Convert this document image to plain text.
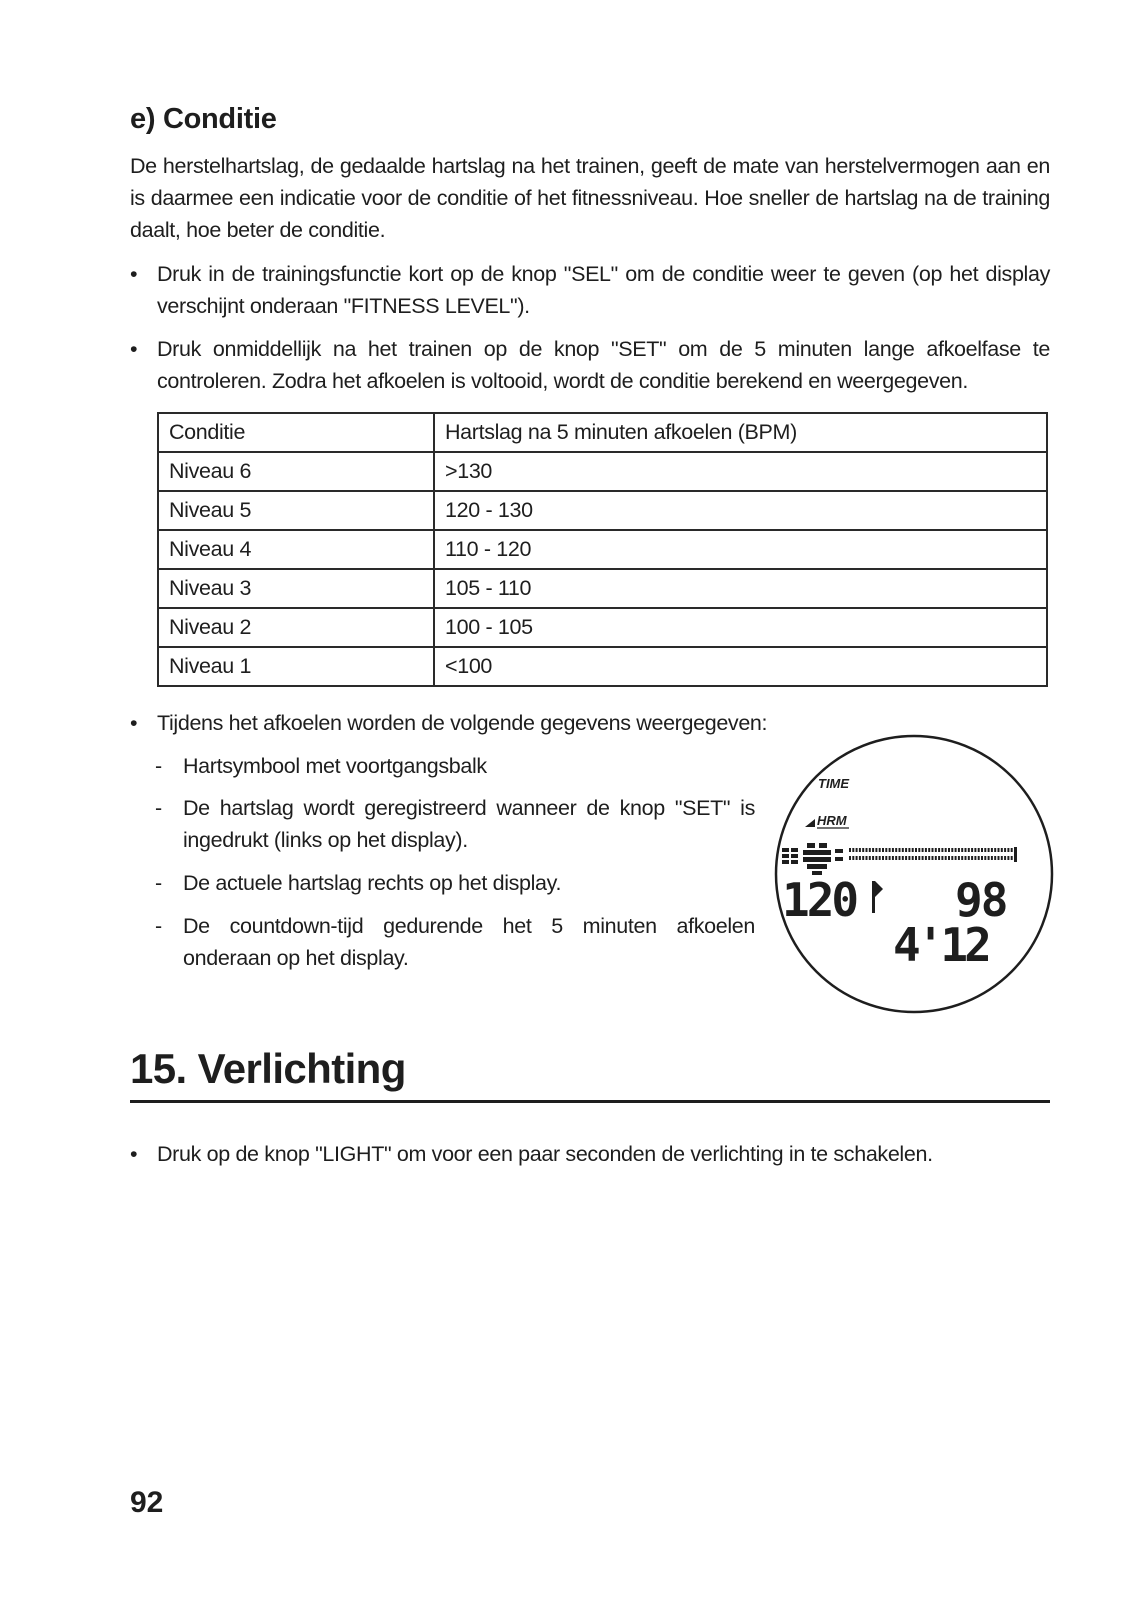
e) Conditie
De herstelhartslag, de gedaalde hartslag na het trainen, geeft de mate van herstelvermogen aan en is daarmee een indicatie voor de conditie of het fitnessniveau. Hoe sneller de hartslag na de training daalt, hoe beter de conditie.
• Druk in de trainingsfunctie kort op de knop "SEL" om de conditie weer te geven (op het display verschijnt onderaan "FITNESS LEVEL").
• Druk onmiddellijk na het trainen op de knop "SET" om de 5 minuten lange afkoelfase te controleren. Zodra het afkoelen is voltooid, wordt de conditie berekend en weergegeven.
Conditie	Hartslag na 5 minuten afkoelen (BPM)
Niveau 6	>130
Niveau 5	120 - 130
Niveau 4	110 - 120
Niveau 3	105 - 110
Niveau 2	100 - 105
Niveau 1	<100
• Tijdens het afkoelen worden de volgende gegevens weergegeven:
- Hartsymbool met voortgangsbalk
- De hartslag wordt geregistreerd wanneer de knop "SET" is ingedrukt (links op het display).
- De actuele hartslag rechts op het display.
- De countdown-tijd gedurende het 5 minuten afkoelen onderaan op het display.
TIME
HRM
120 98
4'12
15. Verlichting
• Druk op de knop "LIGHT" om voor een paar seconden de verlichting in te schakelen.
92
